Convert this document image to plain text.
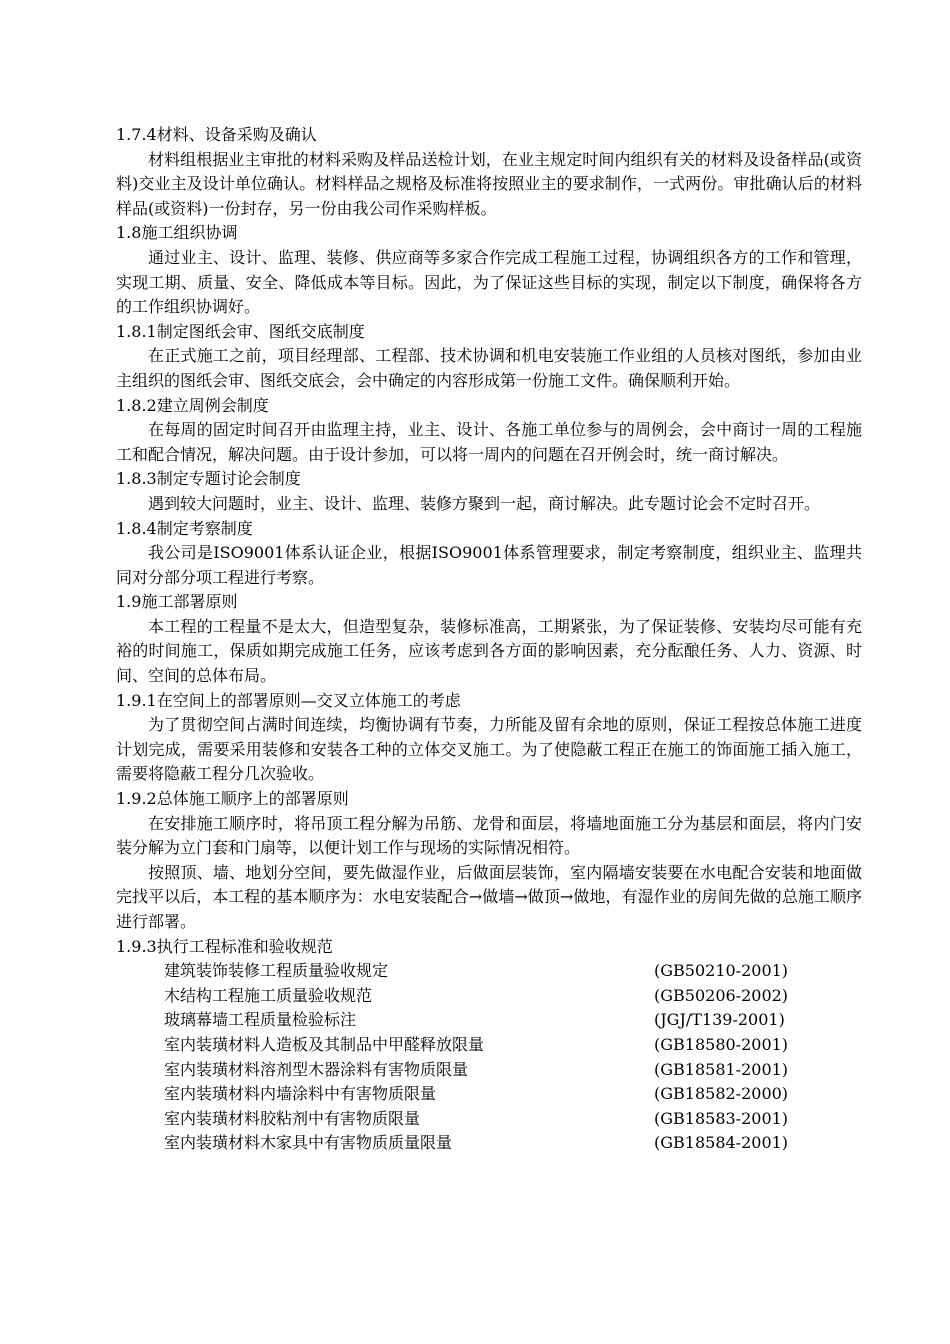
1.7.4材料、设备采购及确认
材料组根据业主审批的材料采购及样品送检计划，在业主规定时间内组织有关的材料及设备样品(或资料)交业主及设计单位确认。材料样品之规格及标准将按照业主的要求制作，一式两份。审批确认后的材料样品(或资料)一份封存，另一份由我公司作采购样板。
1.8施工组织协调
通过业主、设计、监理、装修、供应商等多家合作完成工程施工过程，协调组织各方的工作和管理，实现工期、质量、安全、降低成本等目标。因此，为了保证这些目标的实现，制定以下制度，确保将各方的工作组织协调好。
1.8.1制定图纸会审、图纸交底制度
在正式施工之前，项目经理部、工程部、技术协调和机电安装施工作业组的人员核对图纸，参加由业主组织的图纸会审、图纸交底会，会中确定的内容形成第一份施工文件。确保顺利开始。
1.8.2建立周例会制度
在每周的固定时间召开由监理主持，业主、设计、各施工单位参与的周例会，会中商讨一周的工程施工和配合情况，解决问题。由于设计参加，可以将一周内的问题在召开例会时，统一商讨解决。
1.8.3制定专题讨论会制度
遇到较大问题时，业主、设计、监理、装修方聚到一起，商讨解决。此专题讨论会不定时召开。
1.8.4制定考察制度
我公司是ISO9001体系认证企业，根据ISO9001体系管理要求，制定考察制度，组织业主、监理共同对分部分项工程进行考察。
1.9施工部署原则
本工程的工程量不是太大，但造型复杂，装修标准高，工期紧张，为了保证装修、安装均尽可能有充裕的时间施工，保质如期完成施工任务，应该考虑到各方面的影响因素，充分酝酿任务、人力、资源、时间、空间的总体布局。
1.9.1在空间上的部署原则—交叉立体施工的考虑
为了贯彻空间占满时间连续，均衡协调有节奏，力所能及留有余地的原则，保证工程按总体施工进度计划完成，需要采用装修和安装各工种的立体交叉施工。为了使隐蔽工程正在施工的饰面施工插入施工，需要将隐蔽工程分几次验收。
1.9.2总体施工顺序上的部署原则
在安排施工顺序时，将吊顶工程分解为吊筋、龙骨和面层，将墙地面施工分为基层和面层，将内门安装分解为立门套和门扇等，以便计划工作与现场的实际情况相符。
按照顶、墙、地划分空间，要先做湿作业，后做面层装饰，室内隔墙安装要在水电配合安装和地面做完找平以后，本工程的基本顺序为：水电安装配合→做墙→做顶→做地，有湿作业的房间先做的总施工顺序进行部署。
1.9.3执行工程标准和验收规范
建筑装饰装修工程质量验收规定	(GB50210-2001)
木结构工程施工质量验收规范	(GB50206-2002)
玻璃幕墙工程质量检验标注	(JGJ/T139-2001)
室内装璜材料人造板及其制品中甲醛释放限量	(GB18580-2001)
室内装璜材料溶剂型木器涂料有害物质限量	(GB18581-2001)
室内装璜材料内墙涂料中有害物质限量	(GB18582-2000)
室内装璜材料胶粘剂中有害物质限量	(GB18583-2001)
室内装璜材料木家具中有害物质质量限量	(GB18584-2001)
